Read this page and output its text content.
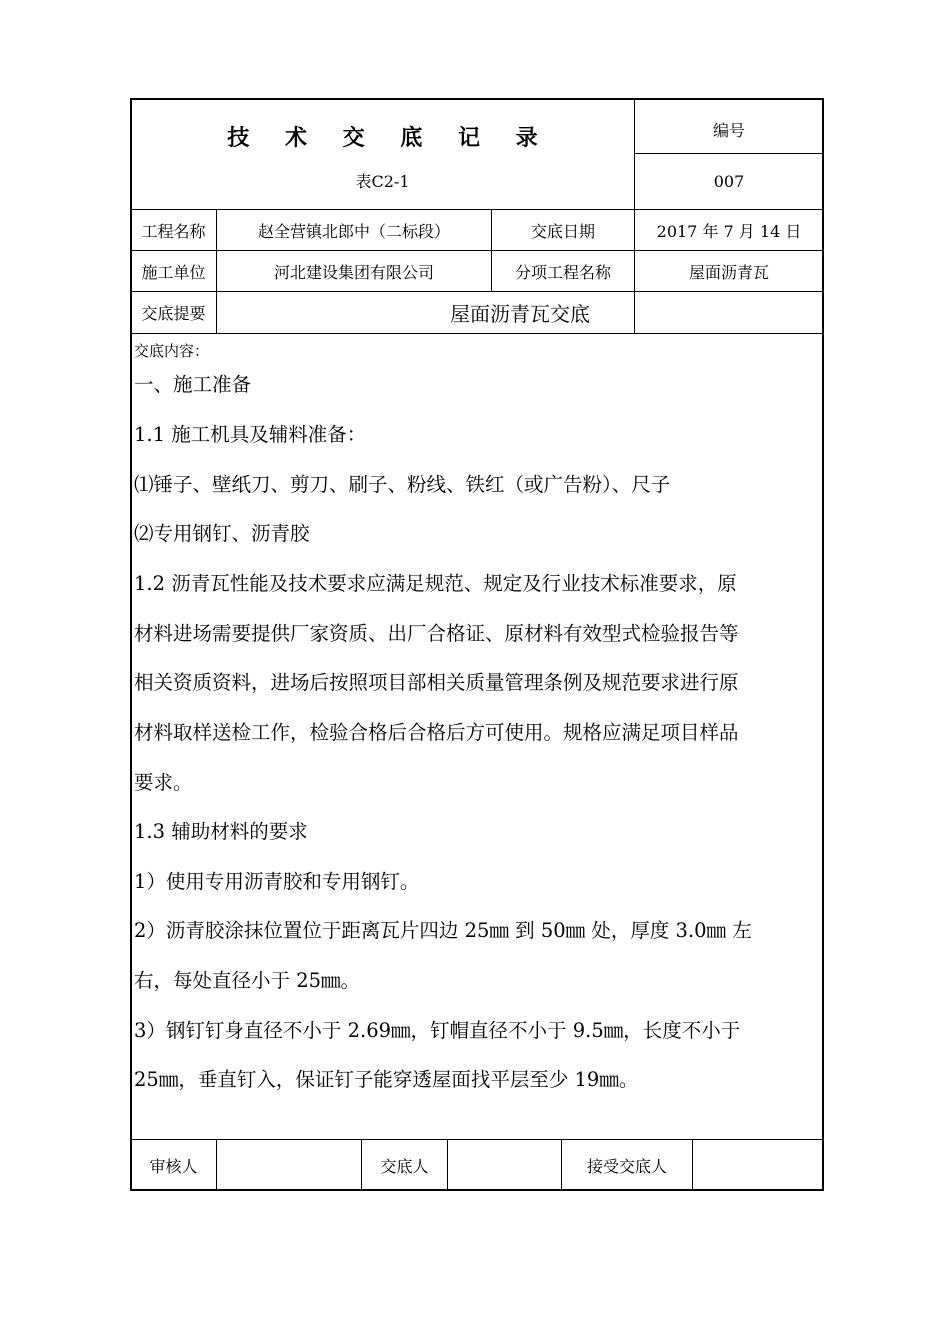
技 术 交 底 记 录
表C2-1
编号
007
工程名称	赵全营镇北郎中（二标段）	交底日期	2017 年 7 月 14 日
施工单位	河北建设集团有限公司	分项工程名称	屋面沥青瓦
交底提要	屋面沥青瓦交底
交底内容：
一、施工准备
1.1 施工机具及辅料准备：
⑴锤子、壁纸刀、剪刀、刷子、粉线、铁红（或广告粉）、尺子
⑵专用钢钉、沥青胶
1.2 沥青瓦性能及技术要求应满足规范、规定及行业技术标准要求，原
材料进场需要提供厂家资质、出厂合格证、原材料有效型式检验报告等
相关资质资料，进场后按照项目部相关质量管理条例及规范要求进行原
材料取样送检工作，检验合格后合格后方可使用。规格应满足项目样品
要求。
1.3 辅助材料的要求
1）使用专用沥青胶和专用钢钉。
2）沥青胶涂抹位置位于距离瓦片四边 25㎜ 到 50㎜ 处，厚度 3.0㎜ 左
右，每处直径小于 25㎜。
3）钢钉钉身直径不小于 2.69㎜，钉帽直径不小于 9.5㎜，长度不小于
25㎜，垂直钉入，保证钉子能穿透屋面找平层至少 19㎜。
审核人	交底人	接受交底人
